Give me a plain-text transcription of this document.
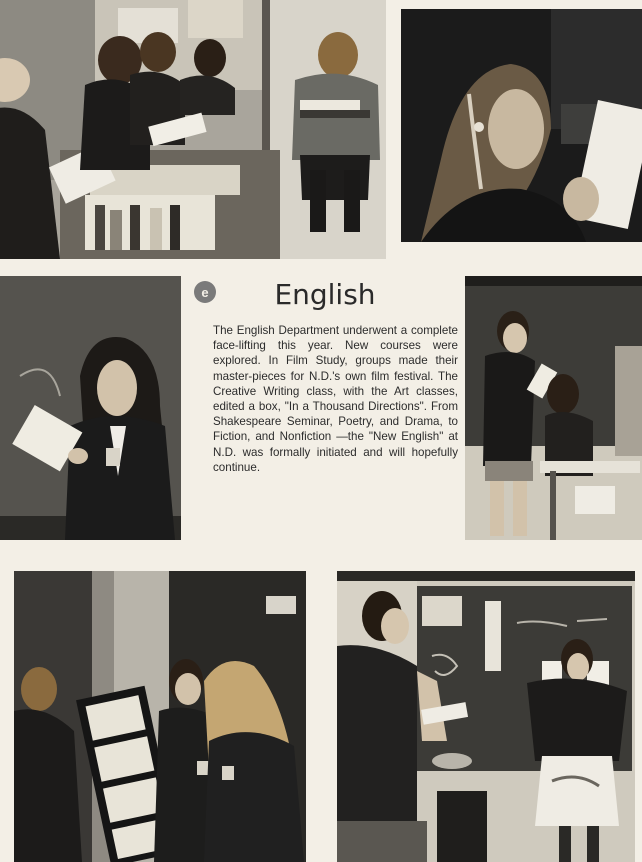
e	English
The English Department underwent a complete face-lifting this year. New courses were explored. In Film Study, groups made their master-pieces for N.D.'s own film festival. The Creative Writing class, with the Art classes, edited a box, "In a Thousand Directions". From Shakespeare Seminar, Poetry, and Drama, to Fiction, and Nonfiction —the "New English" at N.D. was formally initiated and will hopefully continue.
